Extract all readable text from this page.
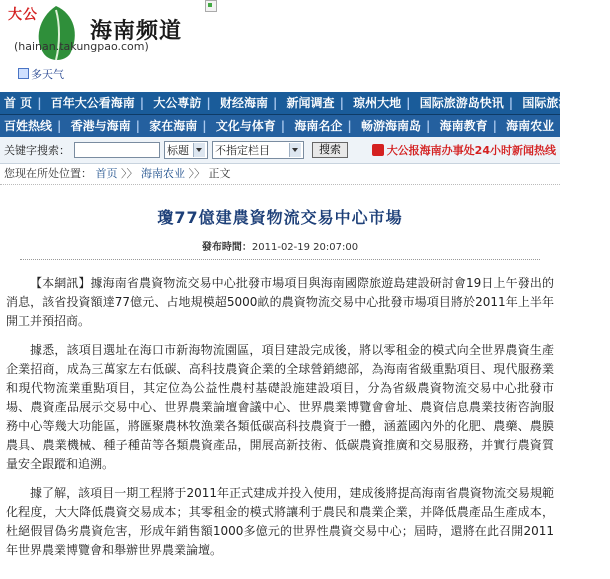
大公
海南频道
(hainan.takungpao.com)
多天气
首 页 | 百年大公看海南 | 大公専訪 | 财经海南 | 新闻调查 | 琼州大地 | 国际旅游岛快讯 | 国际旅游岛论壇
百姓热线 | 香港与海南 | 家在海南 | 文化与体育 | 海南名企 | 畅游海南岛 | 海南教育 | 海南农业
关键字搜索：	标题 不指定栏目	搜索	大公报海南办事处24小时新闻热线
您现在所处位置： 首页 〉〉 海南农业 〉〉 正文
瓊77億建農資物流交易中心市場
發布時間：2011-02-19 20:07:00

【本網訊】據海南省農資物流交易中心批發市場項目與海南國際旅遊島建設研討會19日上午發出的消息，該省投資額達77億元、占地規模超5000畝的農資物流交易中心批發市場項目將於2011年上半年開工并預招商。

據悉，該項目選址在海口市新海物流園區，項目建設完成後，將以零租金的模式向全世界農資生產企業招商，成為三萬家左右低碳、高科技農資企業的全球營銷總部，為海南省級重點項目、現代服務業和現代物流業重點項目，其定位為公益性農村基礎設施建設項目，分為省級農資物流交易中心批發市場、農資產品展示交易中心、世界農業論壇會議中心、世界農業博覽會會址、農資信息農業技術咨詢服務中心等幾大功能區，將匯聚農林牧漁業各類低碳高科技農資于一體，涵蓋國內外的化肥、農藥、農膜農具、農業機械、種子種苗等各類農資產品，開展高新技術、低碳農資推廣和交易服務，并實行農資質量安全跟蹤和追溯。

據了解，該項目一期工程將于2011年正式建成并投入使用，建成後將提高海南省農資物流交易規範化程度，大大降低農資交易成本；其零租金的模式將讓利于農民和農業企業，并降低農產品生產成本，杜絕假冒偽劣農資危害，形成年銷售額1000多億元的世界性農資交易中心；屆時，還將在此召開2011年世界農業博覽會和舉辦世界農業論壇。
